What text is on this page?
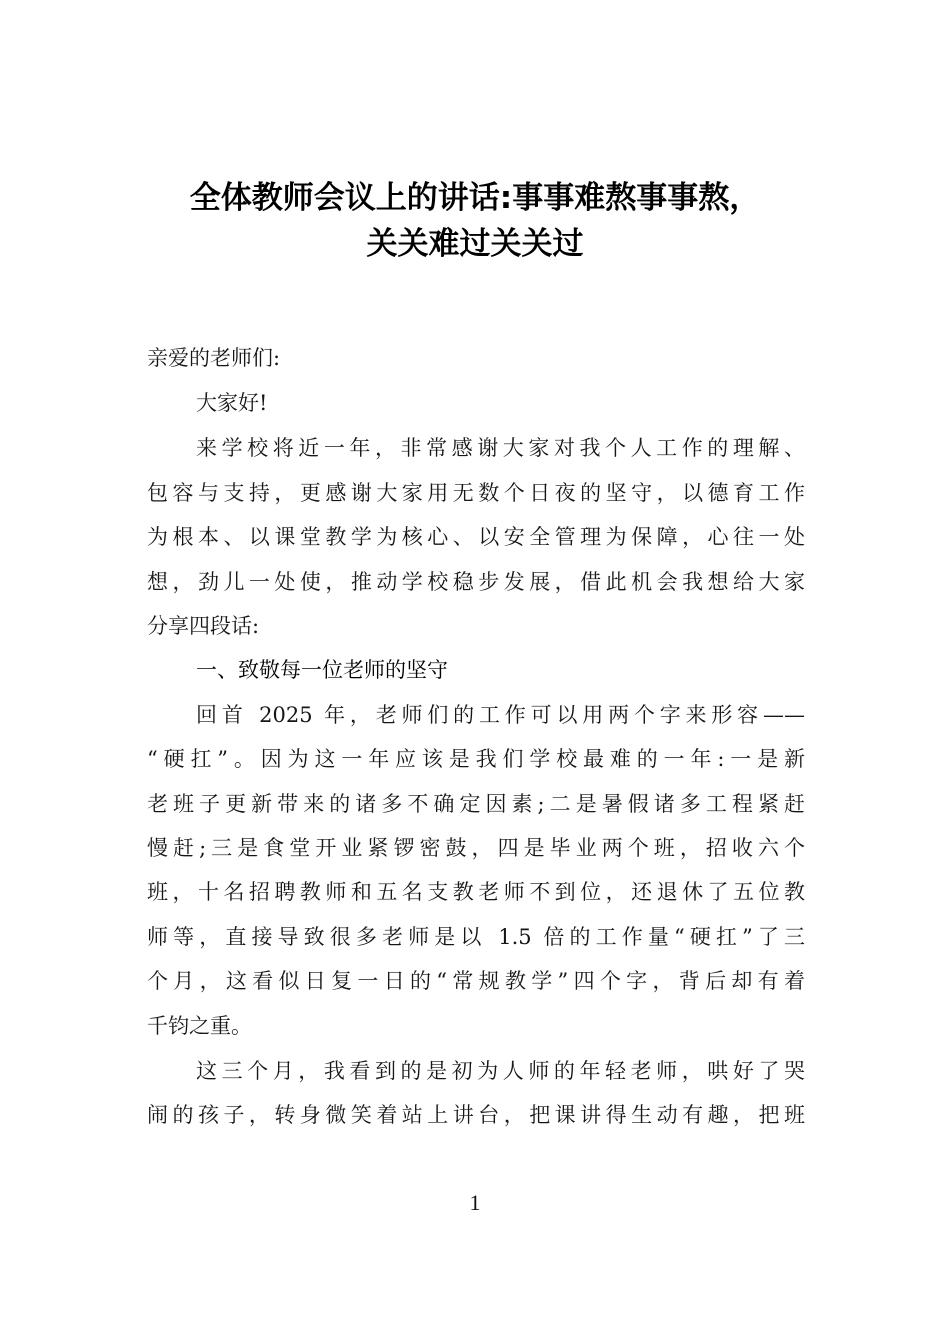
全体教师会议上的讲话:事事难熬事事熬，
关关难过关关过
亲爱的老师们:
大家好!
来学校将近一年，非常感谢大家对我个人工作的理解、
包容与支持，更感谢大家用无数个日夜的坚守，以德育工作
为根本、以课堂教学为核心、以安全管理为保障，心往一处
想，劲儿一处使，推动学校稳步发展，借此机会我想给大家
分享四段话:
一、致敬每一位老师的坚守
回首 2025 年，老师们的工作可以用两个字来形容——
“硬扛”。因为这一年应该是我们学校最难的一年:一是新
老班子更新带来的诸多不确定因素;二是暑假诸多工程紧赶
慢赶;三是食堂开业紧锣密鼓，四是毕业两个班，招收六个
班，十名招聘教师和五名支教老师不到位，还退休了五位教
师等，直接导致很多老师是以 1.5 倍的工作量“硬扛”了三
个月，这看似日复一日的“常规教学”四个字，背后却有着
千钧之重。
这三个月，我看到的是初为人师的年轻老师，哄好了哭
闹的孩子，转身微笑着站上讲台，把课讲得生动有趣，把班
1
